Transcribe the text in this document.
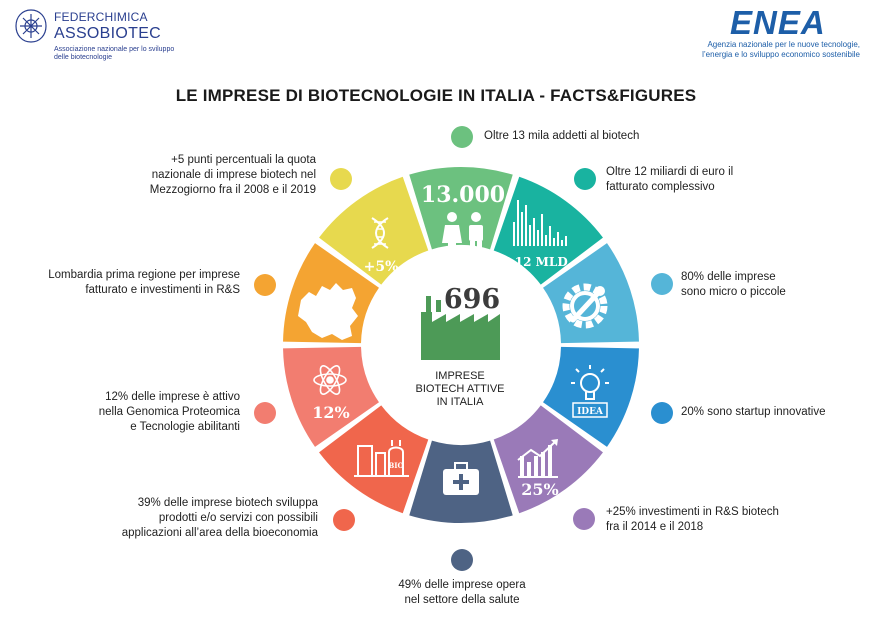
FEDERCHIMICA
ASSOBIOTEC
Associazione nazionale per lo sviluppo
delle biotecnologie
ENEA
Agenzia nazionale per le nuove tecnologie,
l’energia e lo sviluppo economico sostenibile
LE IMPRESE DI BIOTECNOLOGIE IN ITALIA - FACTS&FIGURES
13.000
€ 12 MLD
IDEA
25%
BIO
12%
+5%
696
IMPRESE
BIOTECH ATTIVE
IN ITALIA
Oltre 13 mila addetti al biotech
Oltre 12 miliardi di euro il
fatturato complessivo
80% delle imprese
sono micro o piccole
20% sono startup innovative
+25% investimenti in R&S biotech
fra il 2014 e il 2018
49% delle imprese opera
nel settore della salute
39% delle imprese biotech sviluppa
prodotti e/o servizi con possibili
applicazioni all’area della bioeconomia
12% delle imprese è attivo
nella Genomica Proteomica
e Tecnologie abilitanti
Lombardia prima regione per imprese
fatturato e investimenti in R&S
+5 punti percentuali la quota
nazionale di imprese biotech nel
Mezzogiorno fra il 2008 e il 2019
